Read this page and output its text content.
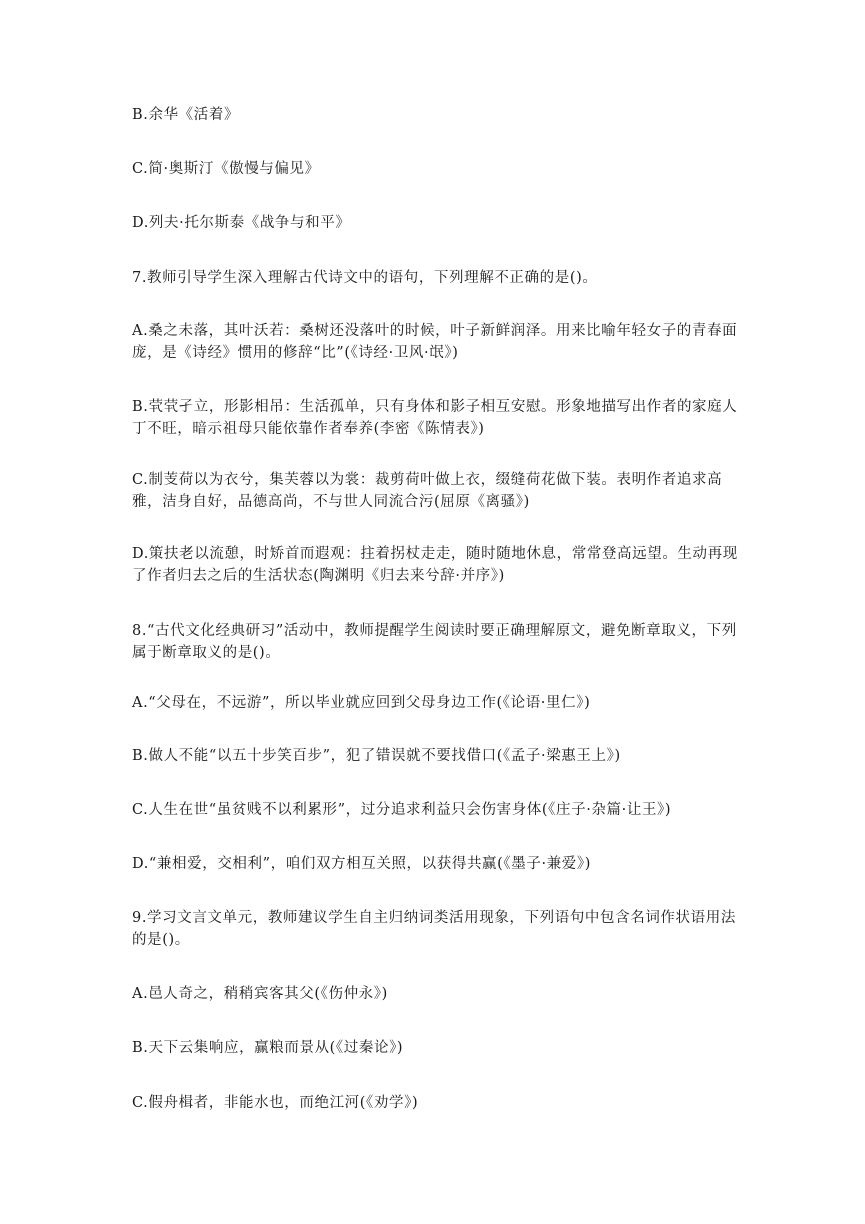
B.余华《活着》
C.简·奥斯汀《傲慢与偏见》
D.列夫·托尔斯泰《战争与和平》
7.教师引导学生深入理解古代诗文中的语句，下列理解不正确的是()。
A.桑之未落，其叶沃若：桑树还没落叶的时候，叶子新鲜润泽。用来比喻年轻女子的青春面庞，是《诗经》惯用的修辞“比”(《诗经·卫风·氓》)
B.茕茕孑立，形影相吊：生活孤单，只有身体和影子相互安慰。形象地描写出作者的家庭人丁不旺，暗示祖母只能依靠作者奉养(李密《陈情表》)
C.制芰荷以为衣兮，集芙蓉以为裳：裁剪荷叶做上衣，缀缝荷花做下装。表明作者追求高雅，洁身自好，品德高尚，不与世人同流合污(屈原《离骚》)
D.策扶老以流憩，时矫首而遐观：拄着拐杖走走，随时随地休息，常常登高远望。生动再现了作者归去之后的生活状态(陶渊明《归去来兮辞·并序》)
8.“古代文化经典研习”活动中，教师提醒学生阅读时要正确理解原文，避免断章取义，下列属于断章取义的是()。
A.“父母在，不远游”，所以毕业就应回到父母身边工作(《论语·里仁》)
B.做人不能“以五十步笑百步”，犯了错误就不要找借口(《孟子·梁惠王上》)
C.人生在世“虽贫贱不以利累形”，过分追求利益只会伤害身体(《庄子·杂篇·让王》)
D.“兼相爱，交相利”，咱们双方相互关照，以获得共赢(《墨子·兼爱》)
9.学习文言文单元，教师建议学生自主归纳词类活用现象，下列语句中包含名词作状语用法的是()。
A.邑人奇之，稍稍宾客其父(《伤仲永》)
B.天下云集响应，赢粮而景从(《过秦论》)
C.假舟楫者，非能水也，而绝江河(《劝学》)
